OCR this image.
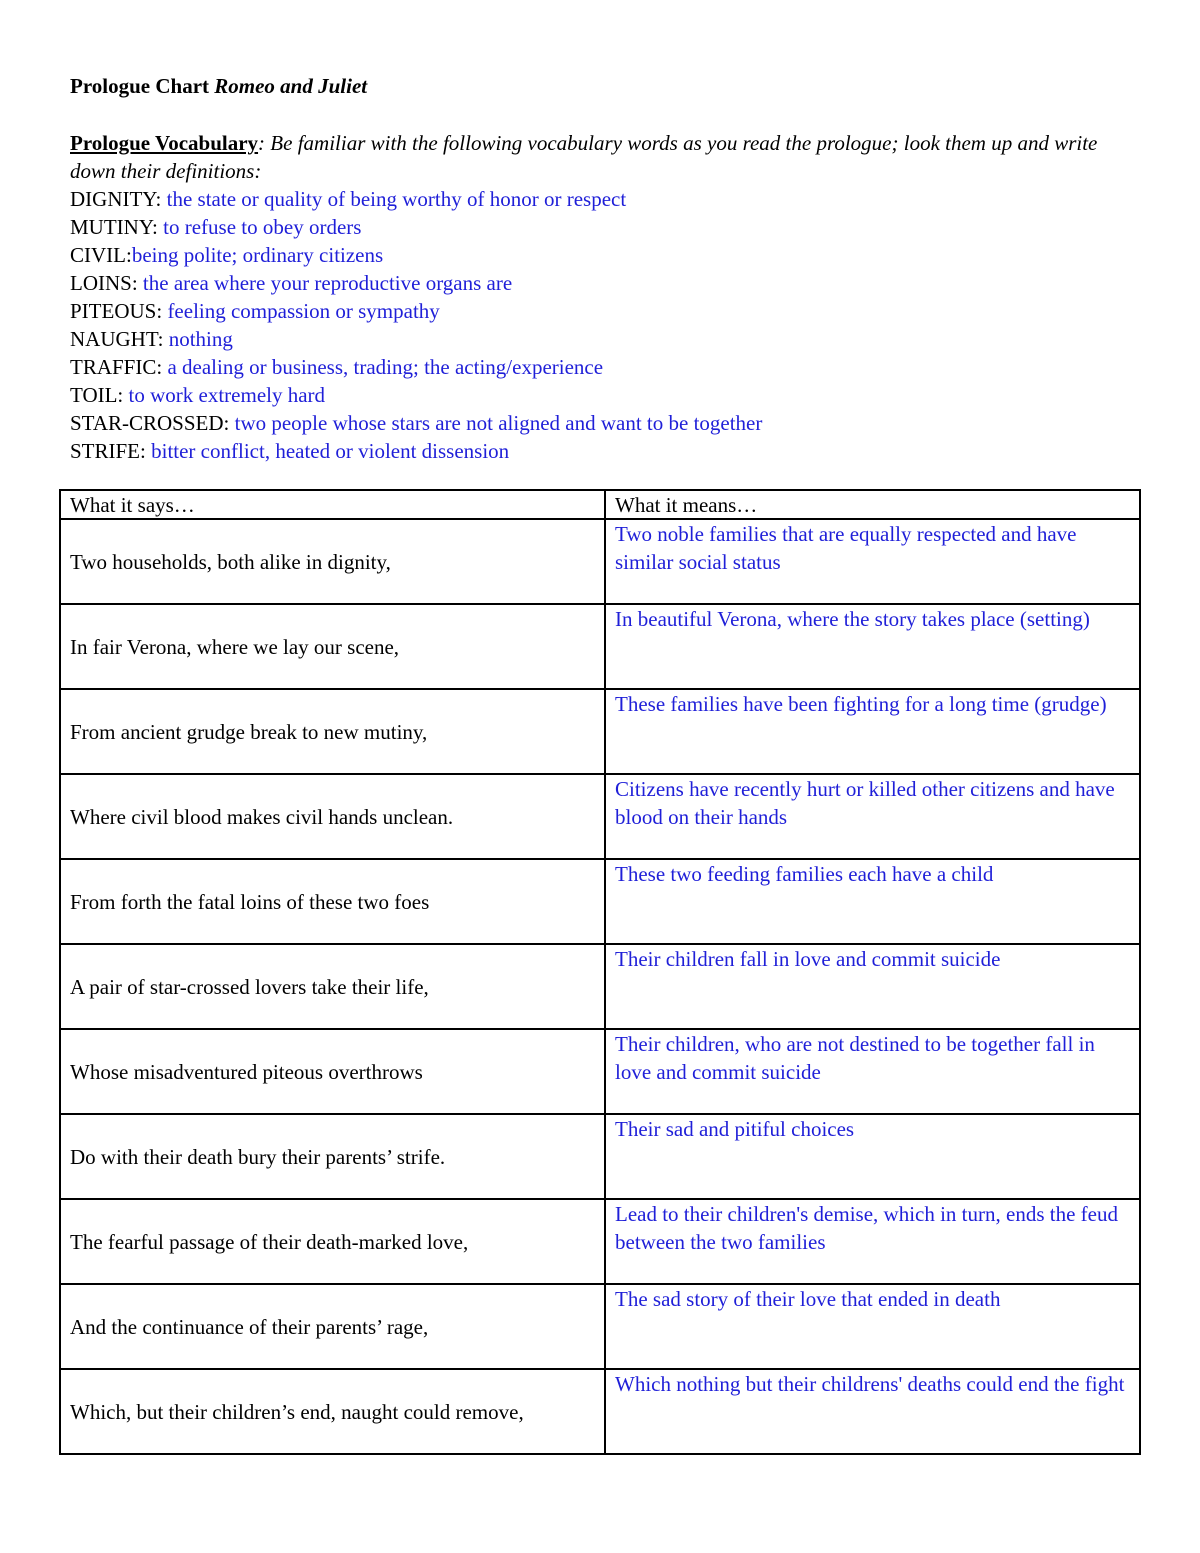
Prologue Chart Romeo and Juliet
Prologue Vocabulary: Be familiar with the following vocabulary words as you read the prologue; look them up and write down their definitions:
DIGNITY: the state or quality of being worthy of honor or respect
MUTINY: to refuse to obey orders
CIVIL:being polite; ordinary citizens
LOINS: the area where your reproductive organs are
PITEOUS: feeling compassion or sympathy
NAUGHT: nothing
TRAFFIC: a dealing or business, trading; the acting/experience
TOIL: to work extremely hard
STAR-CROSSED: two people whose stars are not aligned and want to be together
STRIFE: bitter conflict, heated or violent dissension
What it says…	What it means…
Two households, both alike in dignity,	Two noble families that are equally respected and have similar social status
In fair Verona, where we lay our scene,	In beautiful Verona, where the story takes place (setting)
From ancient grudge break to new mutiny,	These families have been fighting for a long time (grudge)
Where civil blood makes civil hands unclean.	Citizens have recently hurt or killed other citizens and have blood on their hands
From forth the fatal loins of these two foes	These two feeding families each have a child
A pair of star-crossed lovers take their life,	Their children fall in love and commit suicide
Whose misadventured piteous overthrows	Their children, who are not destined to be together fall in love and commit suicide
Do with their death bury their parents’ strife.	Their sad and pitiful choices
The fearful passage of their death-marked love,	Lead to their children's demise, which in turn, ends the feud between the two families
And the continuance of their parents’ rage,	The sad story of their love that ended in death
Which, but their children’s end, naught could remove,	Which nothing but their childrens' deaths could end the fight
